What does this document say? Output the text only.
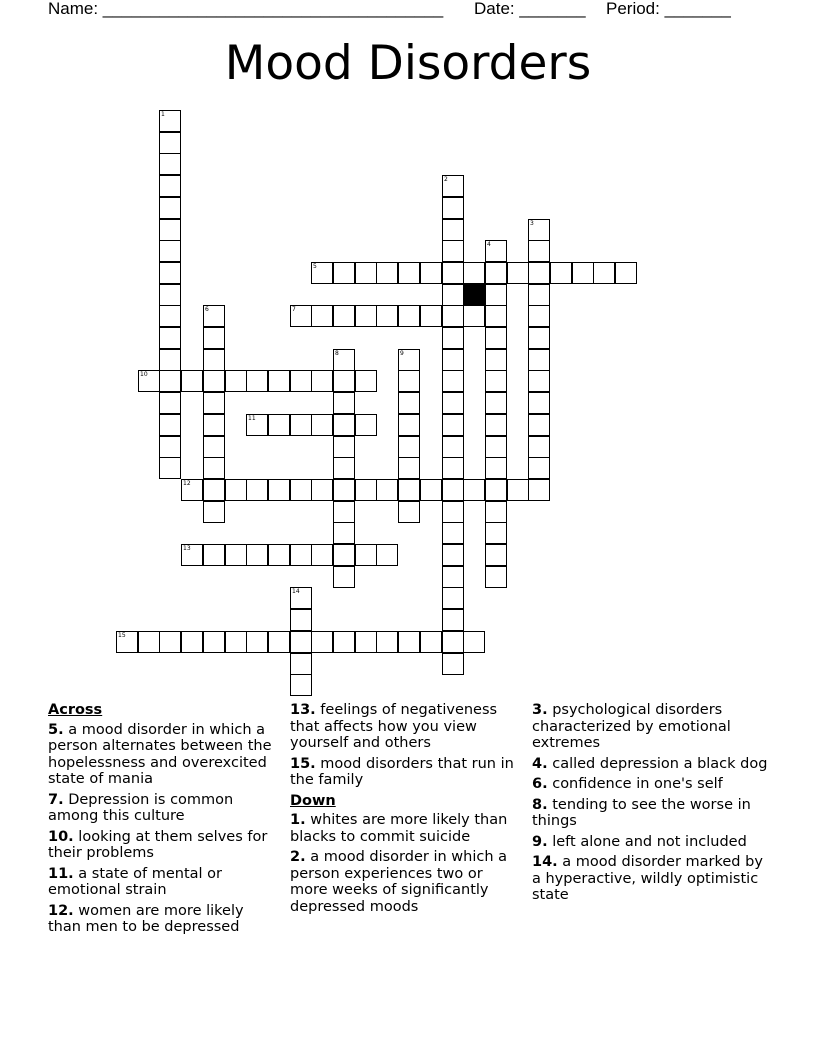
Name: ____________________________________ Date: _______ Period: _______
Mood Disorders
1
2
3
4
5
6	7
8	9
10
11
12
13
14
15
Across
5. a mood disorder in which a person alternates between the hopelessness and overexcited state of mania
7. Depression is common among this culture
10. looking at them selves for their problems
11. a state of mental or emotional strain
12. women are more likely than men to be depressed
13. feelings of negativeness that affects how you view yourself and others
15. mood disorders that run in the family
Down
1. whites are more likely than blacks to commit suicide
2. a mood disorder in which a person experiences two or more weeks of significantly depressed moods
3. psychological disorders characterized by emotional extremes
4. called depression a black dog
6. confidence in one's self
8. tending to see the worse in things
9. left alone and not included
14. a mood disorder marked by a hyperactive, wildly optimistic state
